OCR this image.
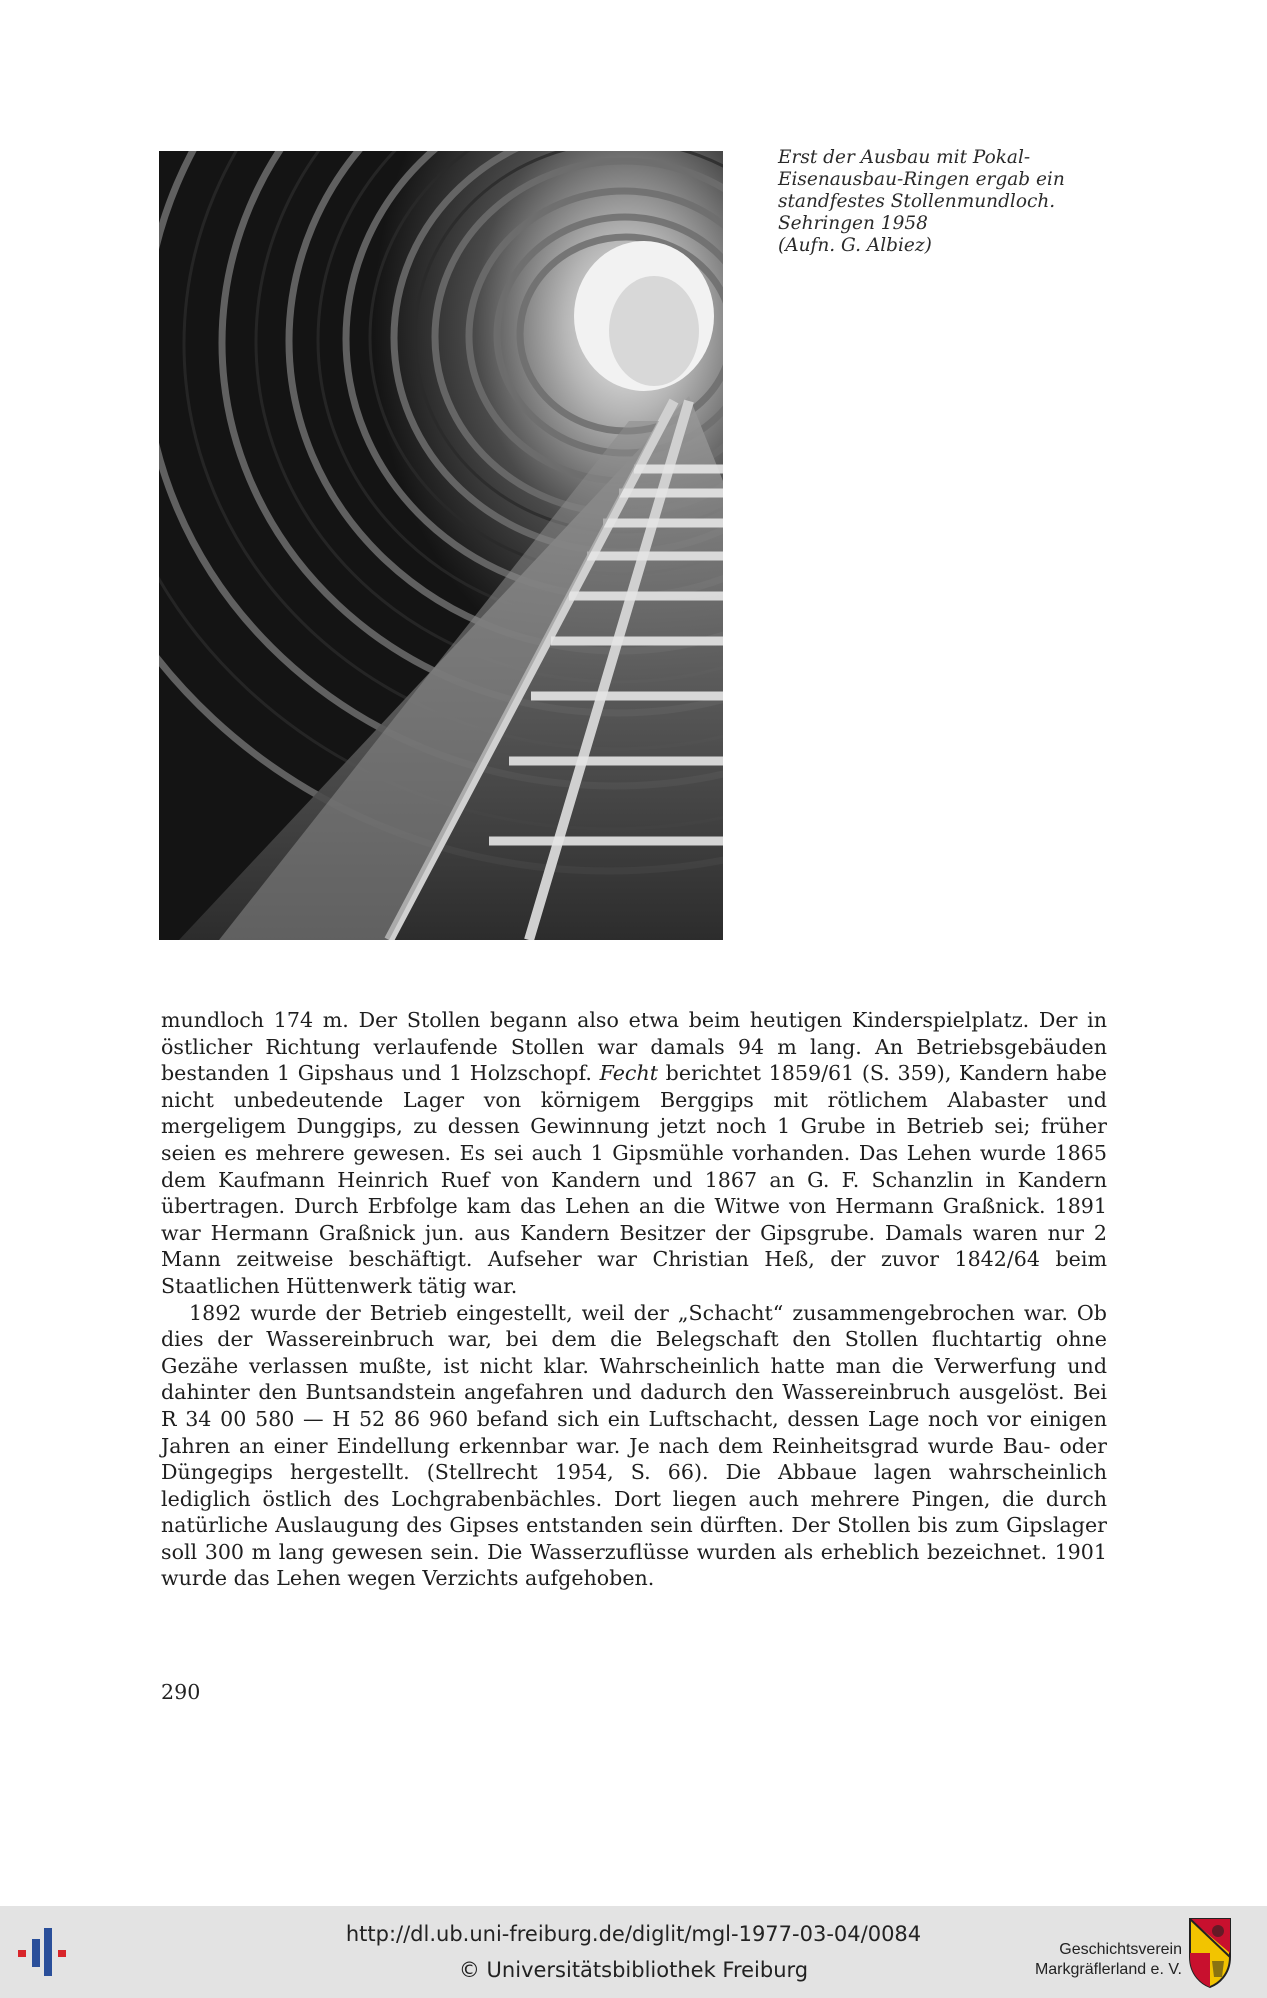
Erst der Ausbau mit Pokal-
Eisenausbau-Ringen ergab ein
standfestes Stollenmundloch.
Sehringen 1958
(Aufn. G. Albiez)

mundloch 174 m. Der Stollen begann also etwa beim heutigen Kinderspielplatz. Der in östlicher Richtung verlaufende Stollen war damals 94 m lang. An Betriebsgebäuden bestanden 1 Gipshaus und 1 Holzschopf. Fecht berichtet 1859/61 (S. 359), Kandern habe nicht unbedeutende Lager von körnigem Berggips mit rötlichem Alabaster und mergeligem Dunggips, zu dessen Gewinnung jetzt noch 1 Grube in Betrieb sei; früher seien es mehrere gewesen. Es sei auch 1 Gipsmühle vorhanden. Das Lehen wurde 1865 dem Kaufmann Heinrich Ruef von Kandern und 1867 an G. F. Schanzlin in Kandern übertragen. Durch Erbfolge kam das Lehen an die Witwe von Hermann Graßnick. 1891 war Hermann Graßnick jun. aus Kandern Besitzer der Gipsgrube. Damals waren nur 2 Mann zeitweise beschäftigt. Aufseher war Christian Heß, der zuvor 1842/64 beim Staatlichen Hüttenwerk tätig war.

1892 wurde der Betrieb eingestellt, weil der „Schacht“ zusammengebrochen war. Ob dies der Wassereinbruch war, bei dem die Belegschaft den Stollen fluchtartig ohne Gezähe verlassen mußte, ist nicht klar. Wahrscheinlich hatte man die Verwerfung und dahinter den Buntsandstein angefahren und dadurch den Wassereinbruch ausgelöst. Bei R 34 00 580 — H 52 86 960 befand sich ein Luftschacht, dessen Lage noch vor einigen Jahren an einer Eindellung erkennbar war. Je nach dem Reinheitsgrad wurde Bau- oder Düngegips hergestellt. (Stellrecht 1954, S. 66). Die Abbaue lagen wahrscheinlich lediglich östlich des Lochgrabenbächles. Dort liegen auch mehrere Pingen, die durch natürliche Auslaugung des Gipses entstanden sein dürften. Der Stollen bis zum Gipslager soll 300 m lang gewesen sein. Die Wasserzuflüsse wurden als erheblich bezeichnet. 1901 wurde das Lehen wegen Verzichts aufgehoben.

290
http://dl.ub.uni-freiburg.de/diglit/mgl-1977-03-04/0084
© Universitätsbibliothek Freiburg
Geschichtsverein
Markgräflerland e. V.
